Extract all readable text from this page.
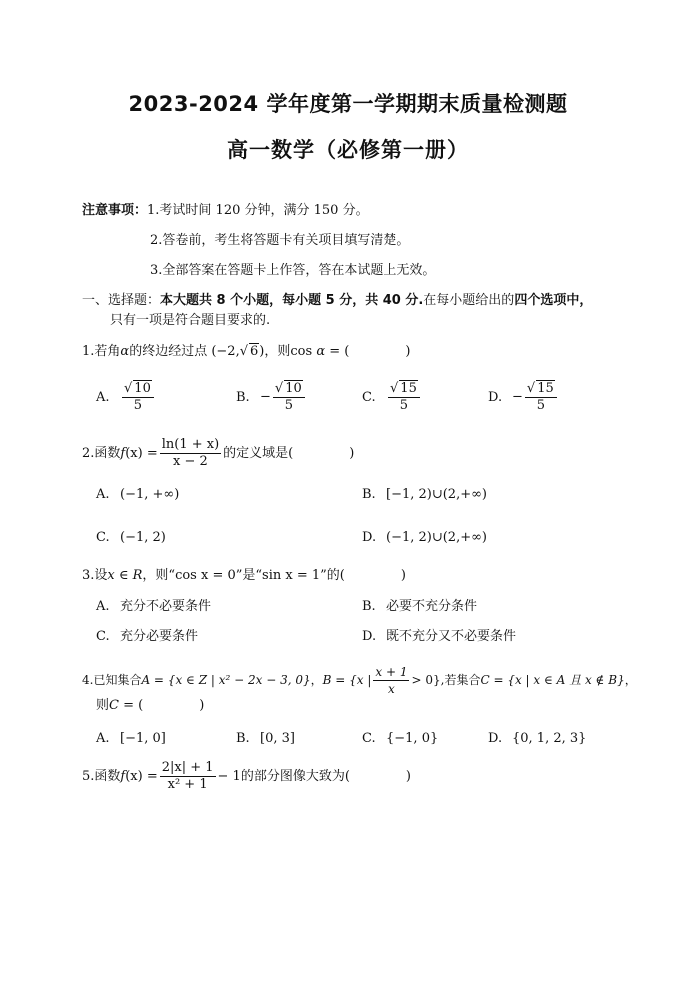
2023-2024 学年度第一学期期末质量检测题
高一数学（必修第一册）
注意事项：1.考试时间 120 分钟，满分 150 分。
2.答卷前，考生将答题卡有关项目填写清楚。
3.全部答案在答题卡上作答，答在本试题上无效。
一、选择题：本大题共 8 个小题，每小题 5 分，共 40 分.在每小题给出的四个选项中，
只有一项是符合题目要求的.
1.若角α的终边经过点 (−2,√ 6)，则cos α = (	)
A. $\frac{√ 10}{5}$	B. − $\frac{√ 10}{5}$	C. $\frac{√ 15}{5}$	D. − $\frac{√ 15}{5}$
2.函数$f(x) = \frac{\ln(1 + x)}{x - 2}$ 的定义域是(	)
A. (−1, +∞)	B. [−1, 2)∪(2,+∞)
C. (−1, 2)	D. (−1, 2)∪(2,+∞)
3.设x ∈ R，则“cos x = 0”是“sin x = 1”的(	)
A. 充分不必要条件	B. 必要不充分条件
C. 充分必要条件	D. 既不充分又不必要条件
4.已知集合A = {x ∈ Z | x² − 2x − 3, 0}，B = {x | $\frac{x + 1}{x} > 0$},若集合C = {x | x ∈ A 且 x ∉ B}，
则C = (	)
A. [−1, 0]	B. [0, 3]	C. {−1, 0}	D. {0, 1, 2, 3}
5.函数$f(x) = \frac{2|x| + 1}{\text{x² + 1}} - 1$的部分图像大致为(	)
